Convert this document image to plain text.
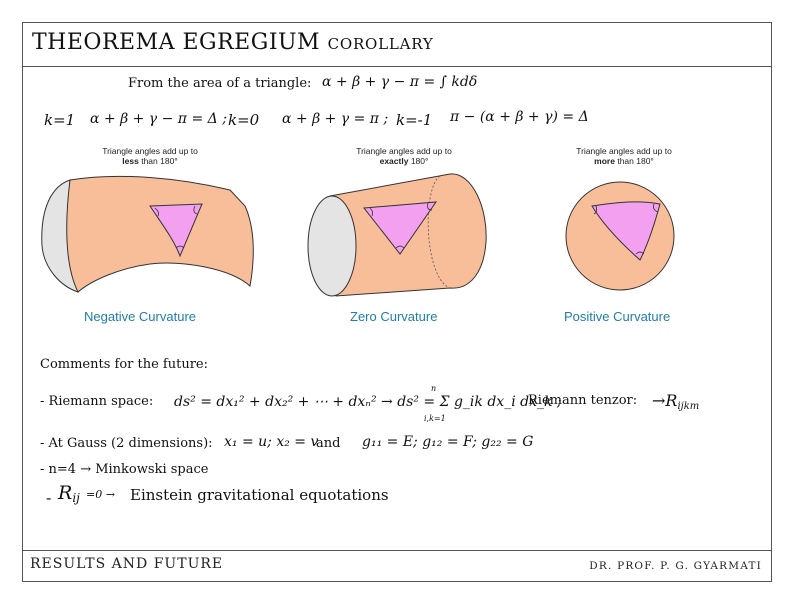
THEOREMA EGREGIUM COROLLARY
From the area of a triangle: α + β + γ − π = ∫ kdδ
k=1 α + β + γ − π = Δ ; k=0 α + β + γ = π ; k=-1 π − (α + β + γ) = Δ
Triangle angles add up to
less than 180°
Triangle angles add up to
exactly 180°
Triangle angles add up to
more than 180°
Negative Curvature	Zero Curvature	Positive Curvature
Comments for the future:
- Riemann space: ds² = dx₁² + dx₂² + ⋯ + dxₙ² → ds² = Σ g_ik dx_i dx_k ;
n
i,k=1
Riemann tenzor: $\to R_{ijkm}$
- At Gauss (2 dimensions): x₁ = u; x₂ = v
and g₁₁ = E; g₁₂ = F; g₂₂ = G
- n=4 → Minkowski space
- $R_{ij} =0$ → Einstein gravitational equotations
RESULTS AND FUTURE	DR. PROF. P. G. GYARMATI
